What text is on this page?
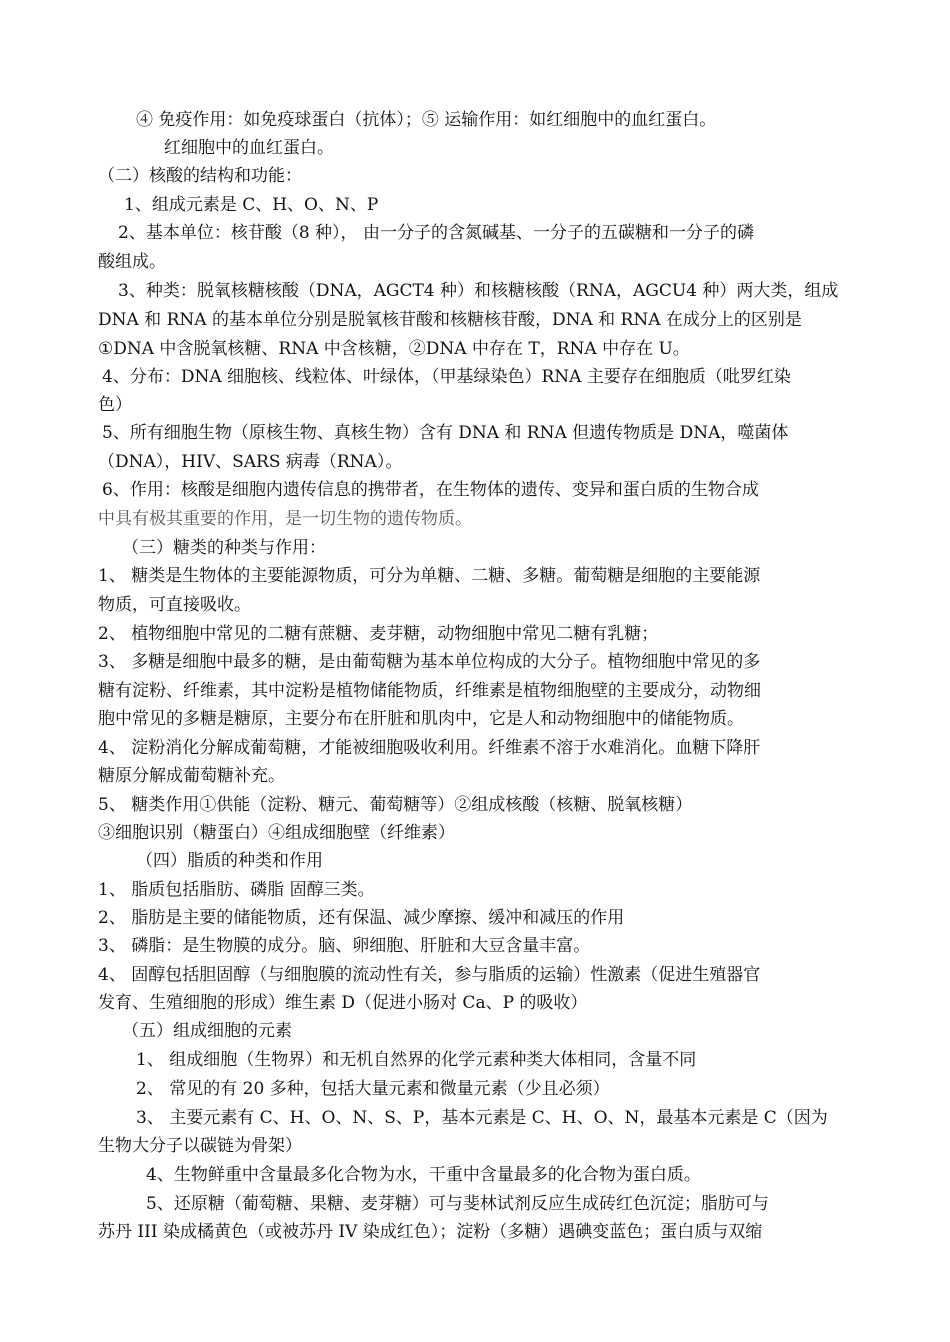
④ 免疫作用：如免疫球蛋白（抗体）；⑤ 运输作用：如红细胞中的血红蛋白。
红细胞中的血红蛋白。
（二）核酸的结构和功能：
1、组成元素是 C、H、O、N、P
2、基本单位：核苷酸（8 种）， 由一分子的含氮碱基、一分子的五碳糖和一分子的磷
酸组成。
3、种类：脱氧核糖核酸（DNA，AGCT4 种）和核糖核酸（RNA，AGCU4 种）两大类，组成
DNA 和 RNA 的基本单位分别是脱氧核苷酸和核糖核苷酸，DNA 和 RNA 在成分上的区别是
①DNA 中含脱氧核糖、RNA 中含核糖，②DNA 中存在 T，RNA 中存在 U。
4、分布：DNA 细胞核、线粒体、叶绿体，（甲基绿染色）RNA 主要存在细胞质（吡罗红染
色）
5、所有细胞生物（原核生物、真核生物）含有 DNA 和 RNA 但遗传物质是 DNA，噬菌体
（DNA），HIV、SARS 病毒（RNA）。
6、作用：核酸是细胞内遗传信息的携带者，在生物体的遗传、变异和蛋白质的生物合成
中具有极其重要的作用，是一切生物的遗传物质。
（三）糖类的种类与作用：
1、 糖类是生物体的主要能源物质，可分为单糖、二糖、多糖。葡萄糖是细胞的主要能源
物质，可直接吸收。
2、 植物细胞中常见的二糖有蔗糖、麦芽糖，动物细胞中常见二糖有乳糖；
3、 多糖是细胞中最多的糖，是由葡萄糖为基本单位构成的大分子。植物细胞中常见的多
糖有淀粉、纤维素，其中淀粉是植物储能物质，纤维素是植物细胞壁的主要成分，动物细
胞中常见的多糖是糖原，主要分布在肝脏和肌肉中，它是人和动物细胞中的储能物质。
4、 淀粉消化分解成葡萄糖，才能被细胞吸收利用。纤维素不溶于水难消化。血糖下降肝
糖原分解成葡萄糖补充。
5、 糖类作用①供能（淀粉、糖元、葡萄糖等）②组成核酸（核糖、脱氧核糖）
③细胞识别（糖蛋白）④组成细胞壁（纤维素）
（四）脂质的种类和作用
1、 脂质包括脂肪、磷脂 固醇三类。
2、 脂肪是主要的储能物质，还有保温、减少摩擦、缓冲和减压的作用
3、 磷脂：是生物膜的成分。脑、卵细胞、肝脏和大豆含量丰富。
4、 固醇包括胆固醇（与细胞膜的流动性有关，参与脂质的运输）性激素（促进生殖器官
发育、生殖细胞的形成）维生素 D（促进小肠对 Ca、P 的吸收）
（五）组成细胞的元素
1、 组成细胞（生物界）和无机自然界的化学元素种类大体相同，含量不同
2、 常见的有 20 多种，包括大量元素和微量元素（少且必须）
3、 主要元素有 C、H、O、N、S、P，基本元素是 C、H、O、N，最基本元素是 C（因为
生物大分子以碳链为骨架）
4、生物鲜重中含量最多化合物为水，干重中含量最多的化合物为蛋白质。
5、还原糖（葡萄糖、果糖、麦芽糖）可与斐林试剂反应生成砖红色沉淀；脂肪可与
苏丹 III 染成橘黄色（或被苏丹 IV 染成红色）；淀粉（多糖）遇碘变蓝色；蛋白质与双缩
